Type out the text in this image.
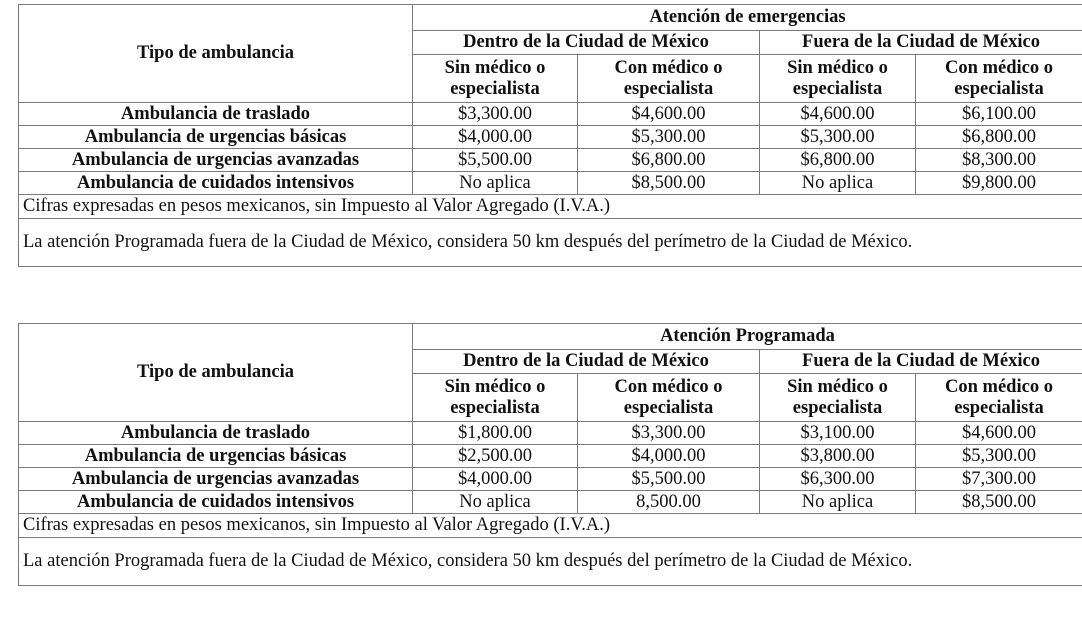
Tipo de ambulancia	Atención de emergencias			
	Dentro de la Ciudad de México		Fuera de la Ciudad de México	
	Sin médico o especialista	Con médico o especialista	Sin médico o especialista	Con médico o especialista
Ambulancia de traslado	$3,300.00	$4,600.00	$4,600.00	$6,100.00
Ambulancia de urgencias básicas	$4,000.00	$5,300.00	$5,300.00	$6,800.00
Ambulancia de urgencias avanzadas	$5,500.00	$6,800.00	$6,800.00	$8,300.00
Ambulancia de cuidados intensivos	No aplica	$8,500.00	No aplica	$9,800.00
Cifras expresadas en pesos mexicanos, sin Impuesto al Valor Agregado (I.V.A.)				
La atención Programada fuera de la Ciudad de México, considera 50 km después del perímetro de la Ciudad de México.				
Tipo de ambulancia	Atención Programada			
	Dentro de la Ciudad de México		Fuera de la Ciudad de México	
	Sin médico o especialista	Con médico o especialista	Sin médico o especialista	Con médico o especialista
Ambulancia de traslado	$1,800.00	$3,300.00	$3,100.00	$4,600.00
Ambulancia de urgencias básicas	$2,500.00	$4,000.00	$3,800.00	$5,300.00
Ambulancia de urgencias avanzadas	$4,000.00	$5,500.00	$6,300.00	$7,300.00
Ambulancia de cuidados intensivos	No aplica	8,500.00	No aplica	$8,500.00
Cifras expresadas en pesos mexicanos, sin Impuesto al Valor Agregado (I.V.A.)				
La atención Programada fuera de la Ciudad de México, considera 50 km después del perímetro de la Ciudad de México.				
